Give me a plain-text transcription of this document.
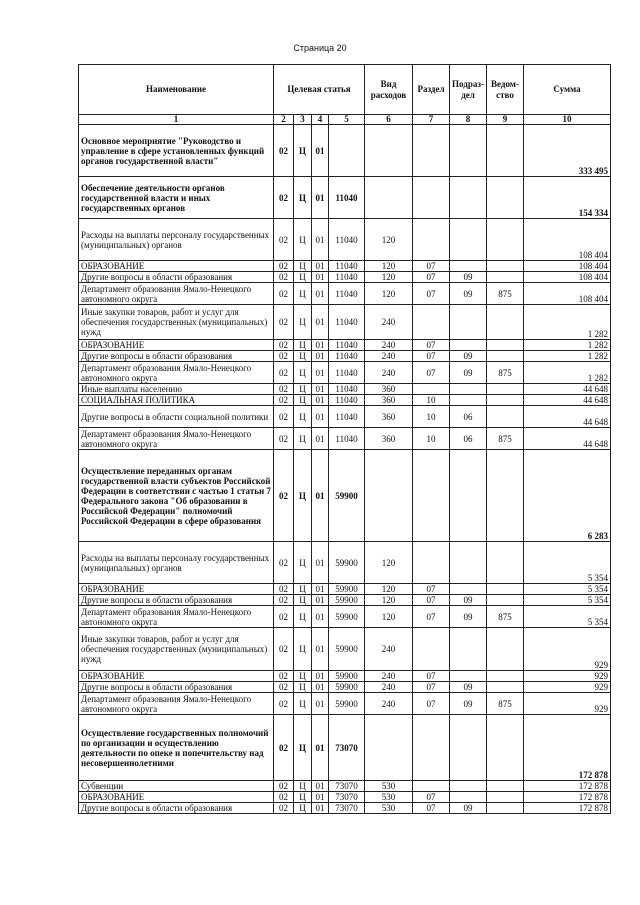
Страница 20
Наименование	Целевая статья				Вид расходов	Раздел	Подраз-дел	Ведом-ство	Сумма
1	2	3	4	5	6	7	8	9	10
Основное мероприятие "Руководство и управление в сфере установленных функций органов государственной власти"	02	Ц	01						333 495
Обеспечение деятельности органов государственной власти и иных государственных органов	02	Ц	01	11040					154 334
Расходы на выплаты персоналу государственных (муниципальных) органов	02	Ц	01	11040	120				108 404
ОБРАЗОВАНИЕ	02	Ц	01	11040	120	07			108 404
Другие вопросы в области образования	02	Ц	01	11040	120	07	09		108 404
Департамент образования Ямало-Ненецкого автономного округа	02	Ц	01	11040	120	07	09	875	108 404
Иные закупки товаров, работ и услуг для обеспечения государственных (муниципальных) нужд	02	Ц	01	11040	240				1 282
ОБРАЗОВАНИЕ	02	Ц	01	11040	240	07			1 282
Другие вопросы в области образования	02	Ц	01	11040	240	07	09		1 282
Департамент образования Ямало-Ненецкого автономного округа	02	Ц	01	11040	240	07	09	875	1 282
Иные выплаты населению	02	Ц	01	11040	360				44 648
СОЦИАЛЬНАЯ ПОЛИТИКА	02	Ц	01	11040	360	10			44 648
Другие вопросы в области социальной политики	02	Ц	01	11040	360	10	06		44 648
Департамент образования Ямало-Ненецкого автономного округа	02	Ц	01	11040	360	10	06	875	44 648
Осуществление переданных органам государственной власти субъектов Российской Федерации в соответствии с частью 1 статьи 7 Федерального закона "Об образовании в Российской Федерации" полномочий Российской Федерации в сфере образования	02	Ц	01	59900					6 283
Расходы на выплаты персоналу государственных (муниципальных) органов	02	Ц	01	59900	120				5 354
ОБРАЗОВАНИЕ	02	Ц	01	59900	120	07			5 354
Другие вопросы в области образования	02	Ц	01	59900	120	07	09		5 354
Департамент образования Ямало-Ненецкого автономного округа	02	Ц	01	59900	120	07	09	875	5 354
Иные закупки товаров, работ и услуг для обеспечения государственных (муниципальных) нужд	02	Ц	01	59900	240				929
ОБРАЗОВАНИЕ	02	Ц	01	59900	240	07			929
Другие вопросы в области образования	02	Ц	01	59900	240	07	09		929
Департамент образования Ямало-Ненецкого автономного округа	02	Ц	01	59900	240	07	09	875	929
Осуществление государственных полномочий по организации и осуществлению деятельности по опеке и попечительству над несовершеннолетними	02	Ц	01	73070					172 878
Субвенции	02	Ц	01	73070	530				172 878
ОБРАЗОВАНИЕ	02	Ц	01	73070	530	07			172 878
Другие вопросы в области образования	02	Ц	01	73070	530	07	09		172 878
